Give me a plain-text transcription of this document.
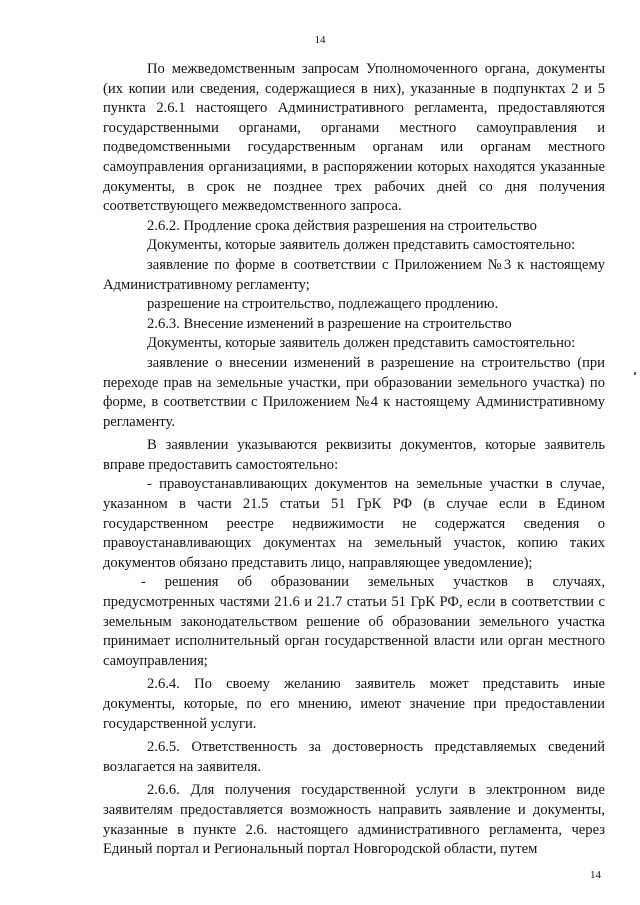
14

По межведомственным запросам Уполномоченного органа, документы (их копии или сведения, содержащиеся в них), указанные в подпунктах 2 и 5 пункта 2.6.1 настоящего Административного регламента, предоставляются государственными органами, органами местного самоуправления и подведомственными государственным органам или органам местного самоуправления организациями, в распоряжении которых находятся указанные документы, в срок не позднее трех рабочих дней со дня получения соответствующего межведомственного запроса.

2.6.2. Продление срока действия разрешения на строительство

Документы, которые заявитель должен представить самостоятельно:

заявление по форме в соответствии с Приложением №3 к настоящему Административному регламенту;

разрешение на строительство, подлежащего продлению.

2.6.3. Внесение изменений в разрешение на строительство

Документы, которые заявитель должен представить самостоятельно:

заявление о внесении изменений в разрешение на строительство (при переходе прав на земельные участки, при образовании земельного участка) по форме, в соответствии с Приложением №4 к настоящему Административному регламенту.

В заявлении указываются реквизиты документов, которые заявитель вправе предоставить самостоятельно:

- правоустанавливающих документов на земельные участки в случае, указанном в части 21.5 статьи 51 ГрК РФ (в случае если в Едином государственном реестре недвижимости не содержатся сведения о правоустанавливающих документах на земельный участок, копию таких документов обязано представить лицо, направляющее уведомление);

- решения об образовании земельных участков в случаях, предусмотренных частями 21.6 и 21.7 статьи 51 ГрК РФ, если в соответствии с земельным законодательством решение об образовании земельного участка принимает исполнительный орган государственной власти или орган местного самоуправления;

2.6.4. По своему желанию заявитель может представить иные документы, которые, по его мнению, имеют значение при предоставлении государственной услуги.

2.6.5. Ответственность за достоверность представляемых сведений возлагается на заявителя.

2.6.6. Для получения государственной услуги в электронном виде заявителям предоставляется возможность направить заявление и документы, указанные в пункте 2.6. настоящего административного регламента, через Единый портал и Региональный портал Новгородской области, путем

14
